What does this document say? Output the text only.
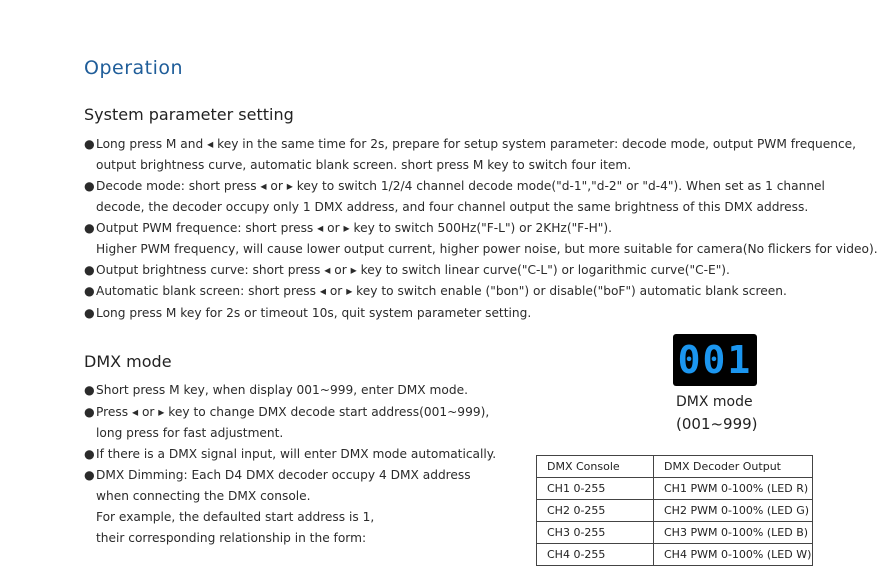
Operation
System parameter setting
●Long press M and ◂ key in the same time for 2s, prepare for setup system parameter: decode mode, output PWM frequence,
output brightness curve, automatic blank screen. short press M key to switch four item.
●Decode mode: short press ◂ or ▸ key to switch 1/2/4 channel decode mode("d-1","d-2" or "d-4"). When set as 1 channel
decode, the decoder occupy only 1 DMX address, and four channel output the same brightness of this DMX address.
●Output PWM frequence: short press ◂ or ▸ key to switch 500Hz("F-L") or 2KHz("F-H").
Higher PWM frequency, will cause lower output current, higher power noise, but more suitable for camera(No flickers for video).
●Output brightness curve: short press ◂ or ▸ key to switch linear curve("C-L") or logarithmic curve("C-E").
●Automatic blank screen: short press ◂ or ▸ key to switch enable ("bon") or disable("boF") automatic blank screen.
●Long press M key for 2s or timeout 10s, quit system parameter setting.
DMX mode
●Short press M key, when display 001~999, enter DMX mode.
●Press ◂ or ▸ key to change DMX decode start address(001~999),
long press for fast adjustment.
●If there is a DMX signal input, will enter DMX mode automatically.
●DMX Dimming: Each D4 DMX decoder occupy 4 DMX address
when connecting the DMX console.
For example, the defaulted start address is 1,
their corresponding relationship in the form:
001
DMX mode
(001~999)
DMX Console	DMX Decoder Output
CH1 0-255	CH1 PWM 0-100% (LED R)
CH2 0-255	CH2 PWM 0-100% (LED G)
CH3 0-255	CH3 PWM 0-100% (LED B)
CH4 0-255	CH4 PWM 0-100% (LED W)
